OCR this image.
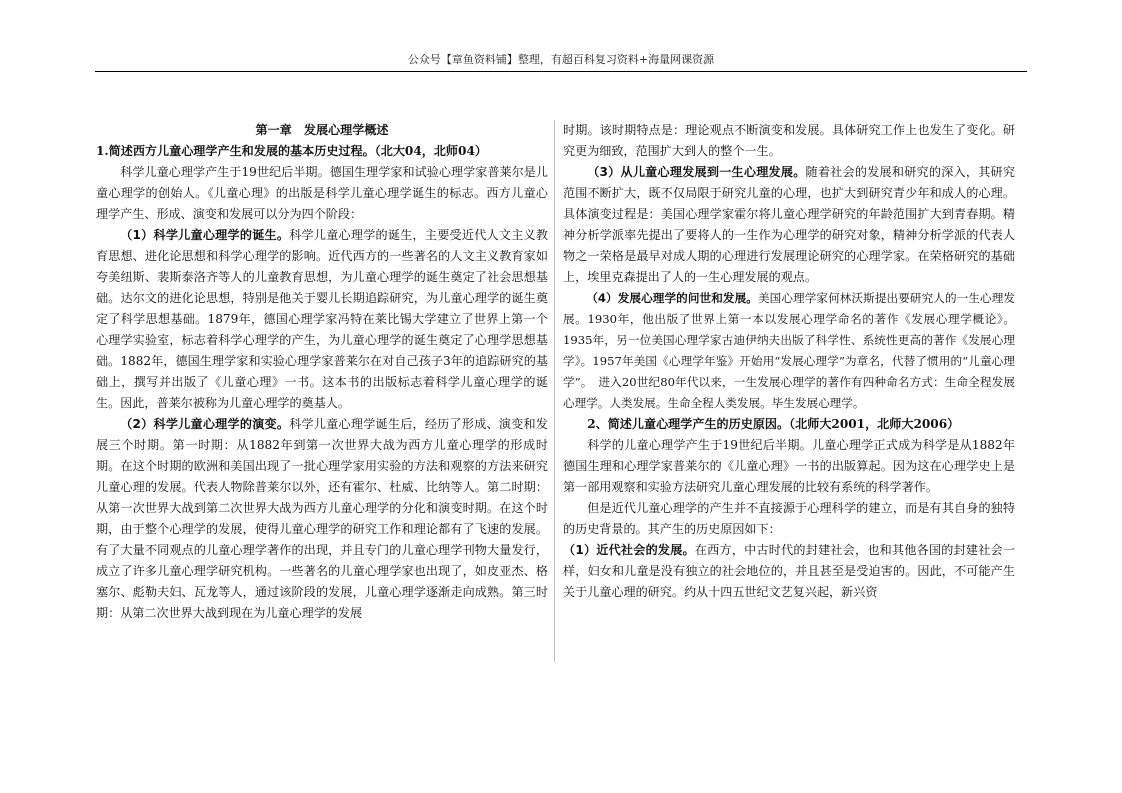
公众号【章鱼资料铺】整理，有超百科复习资料+海量网课资源

第一章　发展心理学概述

1.简述西方儿童心理学产生和发展的基本历史过程。（北大04，北师04）

科学儿童心理学产生于19世纪后半期。德国生理学家和试验心理学家普莱尔是儿童心理学的创始人。《儿童心理》的出版是科学儿童心理学诞生的标志。西方儿童心理学产生、形成、演变和发展可以分为四个阶段：

（1）科学儿童心理学的诞生。科学儿童心理学的诞生，主要受近代人文主义教育思想、进化论思想和科学心理学的影响。近代西方的一些著名的人文主义教育家如夸美纽斯、裴斯泰洛齐等人的儿童教育思想，为儿童心理学的诞生奠定了社会思想基础。达尔文的进化论思想，特别是他关于婴儿长期追踪研究，为儿童心理学的诞生奠定了科学思想基础。1879年，德国心理学家冯特在莱比锡大学建立了世界上第一个心理学实验室，标志着科学心理学的产生，为儿童心理学的诞生奠定了心理学思想基础。1882年，德国生理学家和实验心理学家普莱尔在对自己孩子3年的追踪研究的基础上，撰写并出版了《儿童心理》一书。这本书的出版标志着科学儿童心理学的诞生。因此，普莱尔被称为儿童心理学的奠基人。

（2）科学儿童心理学的演变。科学儿童心理学诞生后，经历了形成、演变和发展三个时期。第一时期：从1882年到第一次世界大战为西方儿童心理学的形成时期。在这个时期的欧洲和美国出现了一批心理学家用实验的方法和观察的方法来研究儿童心理的发展。代表人物除普莱尔以外，还有霍尔、杜威、比纳等人。第二时期：从第一次世界大战到第二次世界大战为西方儿童心理学的分化和演变时期。在这个时期，由于整个心理学的发展，使得儿童心理学的研究工作和理论都有了飞速的发展。有了大量不同观点的儿童心理学著作的出现，并且专门的儿童心理学刊物大量发行，成立了许多儿童心理学研究机构。一些著名的儿童心理学家也出现了，如皮亚杰、格塞尔、彪勒夫妇、瓦龙等人，通过该阶段的发展，儿童心理学逐渐走向成熟。第三时期：从第二次世界大战到现在为儿童心理学的发展

时期。该时期特点是：理论观点不断演变和发展。具体研究工作上也发生了变化。研究更为细致，范围扩大到人的整个一生。

（3）从儿童心理发展到一生心理发展。随着社会的发展和研究的深入，其研究范围不断扩大，既不仅局限于研究儿童的心理，也扩大到研究青少年和成人的心理。具体演变过程是：美国心理学家霍尔将儿童心理学研究的年龄范围扩大到青春期。精神分析学派率先提出了要将人的一生作为心理学的研究对象，精神分析学派的代表人物之一荣格是最早对成人期的心理进行发展理论研究的心理学家。在荣格研究的基础上，埃里克森提出了人的一生心理发展的观点。

（4）发展心理学的问世和发展。美国心理学家何林沃斯提出要研究人的一生心理发展。1930年，他出版了世界上第一本以发展心理学命名的著作《发展心理学概论》。1935年，另一位美国心理学家古迪伊纳夫出版了科学性、系统性更高的著作《发展心理学》。1957年美国《心理学年鉴》开始用“发展心理学”为章名，代替了惯用的“儿童心理学”。　进入20世纪80年代以来，一生发展心理学的著作有四种命名方式：生命全程发展心理学。人类发展。生命全程人类发展。毕生发展心理学。

2、简述儿童心理学产生的历史原因。（北师大2001，北师大2006）

科学的儿童心理学产生于19世纪后半期。儿童心理学正式成为科学是从1882年德国生理和心理学家普莱尔的《儿童心理》一书的出版算起。因为这在心理学史上是第一部用观察和实验方法研究儿童心理发展的比较有系统的科学著作。

但是近代儿童心理学的产生并不直接源于心理科学的建立，而是有其自身的独特的历史背景的。其产生的历史原因如下：

（1）近代社会的发展。在西方，中古时代的封建社会，也和其他各国的封建社会一样，妇女和儿童是没有独立的社会地位的，并且甚至是受迫害的。因此，不可能产生关于儿童心理的研究。约从十四五世纪文艺复兴起，新兴资
